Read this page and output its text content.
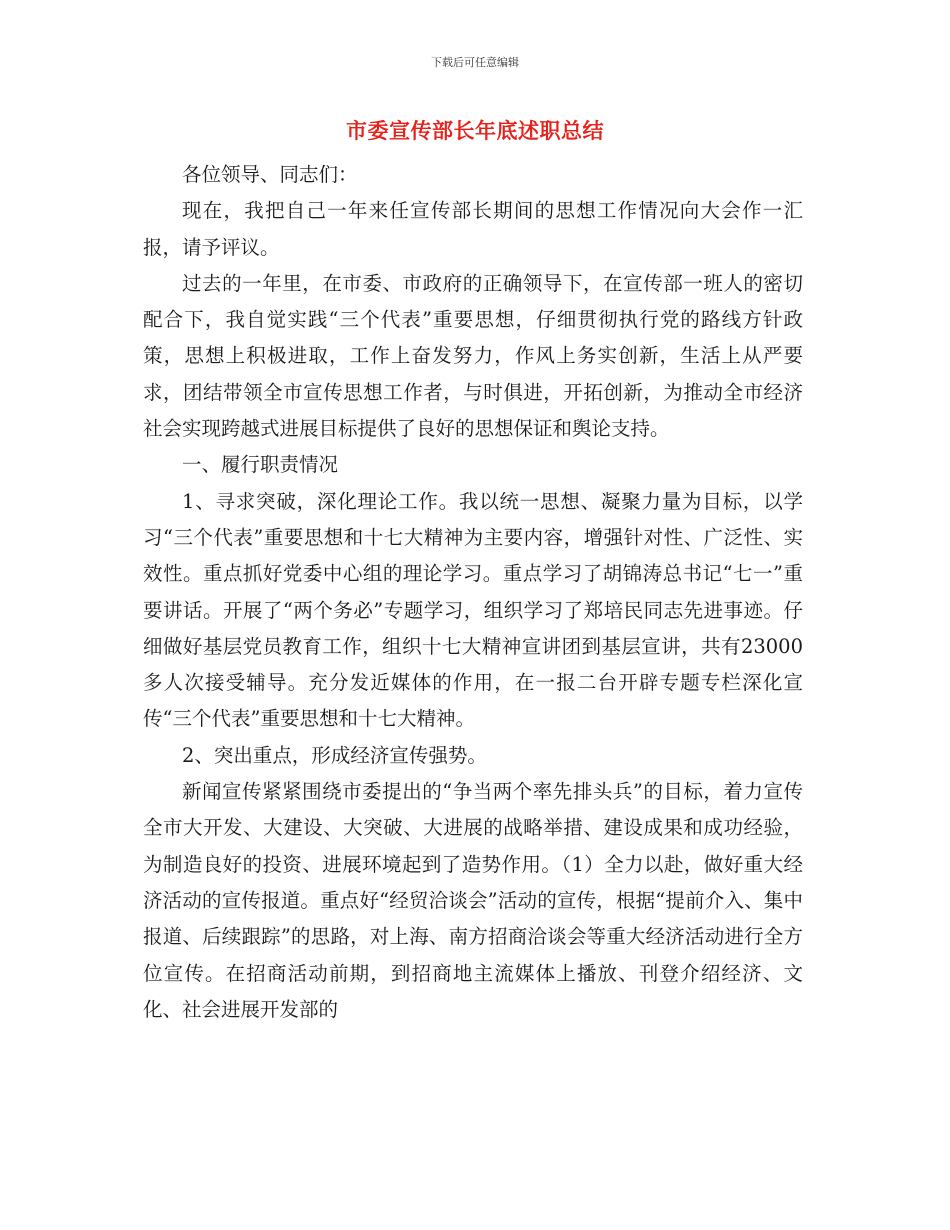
下载后可任意编辑
市委宣传部长年底述职总结

各位领导、同志们：

现在，我把自己一年来任宣传部长期间的思想工作情况向大会作一汇报，请予评议。

过去的一年里，在市委、市政府的正确领导下，在宣传部一班人的密切配合下，我自觉实践“三个代表”重要思想，仔细贯彻执行党的路线方针政策，思想上积极进取，工作上奋发努力，作风上务实创新，生活上从严要求，团结带领全市宣传思想工作者，与时俱进，开拓创新，为推动全市经济社会实现跨越式进展目标提供了良好的思想保证和舆论支持。

一、履行职责情况

1、寻求突破，深化理论工作。我以统一思想、凝聚力量为目标，以学习“三个代表”重要思想和十七大精神为主要内容，增强针对性、广泛性、实效性。重点抓好党委中心组的理论学习。重点学习了胡锦涛总书记“七一”重要讲话。开展了“两个务必”专题学习，组织学习了郑培民同志先进事迹。仔细做好基层党员教育工作，组织十七大精神宣讲团到基层宣讲，共有23000多人次接受辅导。充分发近媒体的作用，在一报二台开辟专题专栏深化宣传“三个代表”重要思想和十七大精神。

2、突出重点，形成经济宣传强势。

新闻宣传紧紧围绕市委提出的“争当两个率先排头兵”的目标，着力宣传全市大开发、大建设、大突破、大进展的战略举措、建设成果和成功经验，为制造良好的投资、进展环境起到了造势作用。（1）全力以赴，做好重大经济活动的宣传报道。重点好“经贸洽谈会”活动的宣传，根据“提前介入、集中报道、后续跟踪”的思路，对上海、南方招商洽谈会等重大经济活动进行全方位宣传。在招商活动前期，到招商地主流媒体上播放、刊登介绍经济、文化、社会进展开发部的
